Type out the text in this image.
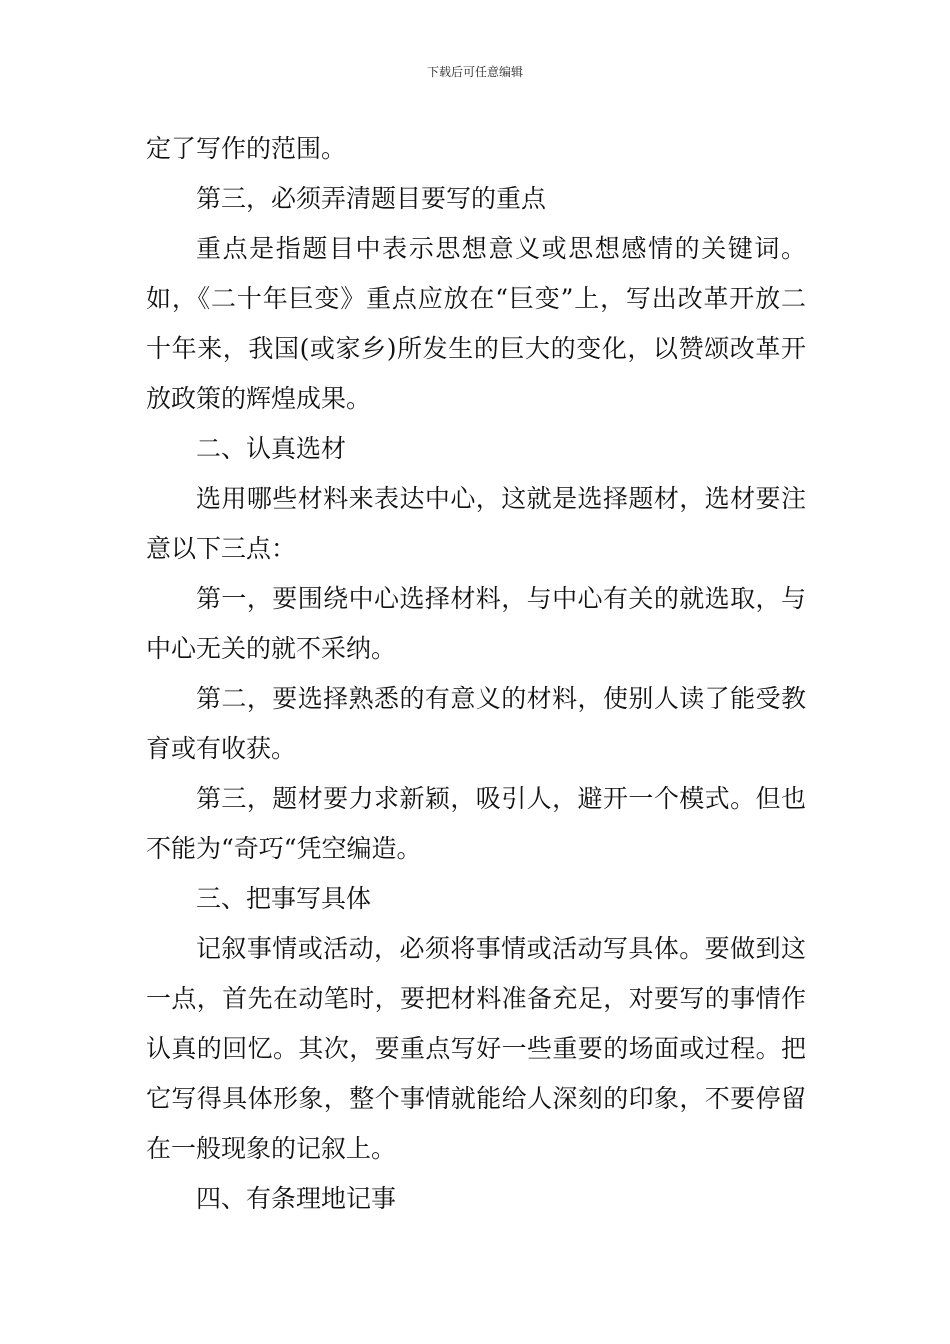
下载后可任意编辑

定了写作的范围。

第三，必须弄清题目要写的重点

重点是指题目中表示思想意义或思想感情的关键词。如，《二十年巨变》重点应放在“巨变”上，写出改革开放二十年来，我国(或家乡)所发生的巨大的变化，以赞颂改革开放政策的辉煌成果。

二、认真选材

选用哪些材料来表达中心，这就是选择题材，选材要注意以下三点：

第一，要围绕中心选择材料，与中心有关的就选取，与中心无关的就不采纳。

第二，要选择熟悉的有意义的材料，使别人读了能受教育或有收获。

第三，题材要力求新颖，吸引人，避开一个模式。但也不能为“奇巧“凭空编造。

三、把事写具体

记叙事情或活动，必须将事情或活动写具体。要做到这一点，首先在动笔时，要把材料准备充足，对要写的事情作认真的回忆。其次，要重点写好一些重要的场面或过程。把它写得具体形象，整个事情就能给人深刻的印象，不要停留在一般现象的记叙上。

四、有条理地记事
